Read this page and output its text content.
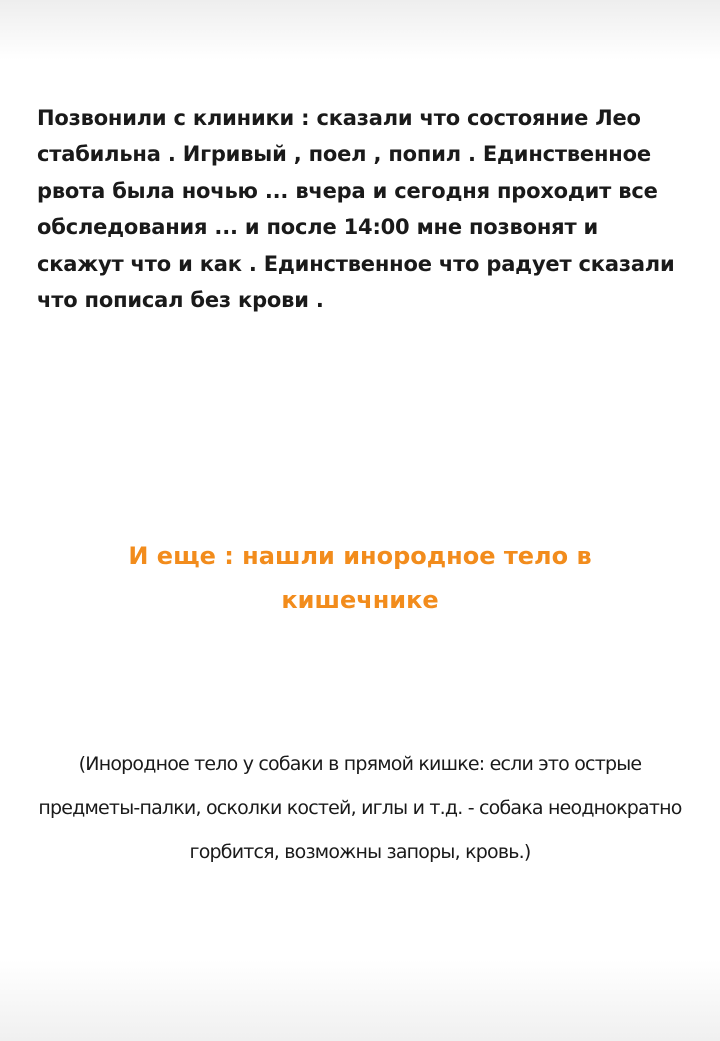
Позвонили с клиники : сказали что состояние Лео стабильна . Игривый , поел , попил . Единственное рвота была ночью ... вчера и сегодня проходит все обследования ... и после 14:00 мне позвонят и скажут что и как . Единственное что радует сказали что пописал без крови .
И еще : нашли инородное тело в кишечнике
(Инородное тело у собаки в прямой кишке: если это острые предметы-палки, осколки костей, иглы и т.д. - собака неоднократно горбится, возможны запоры, кровь.)
